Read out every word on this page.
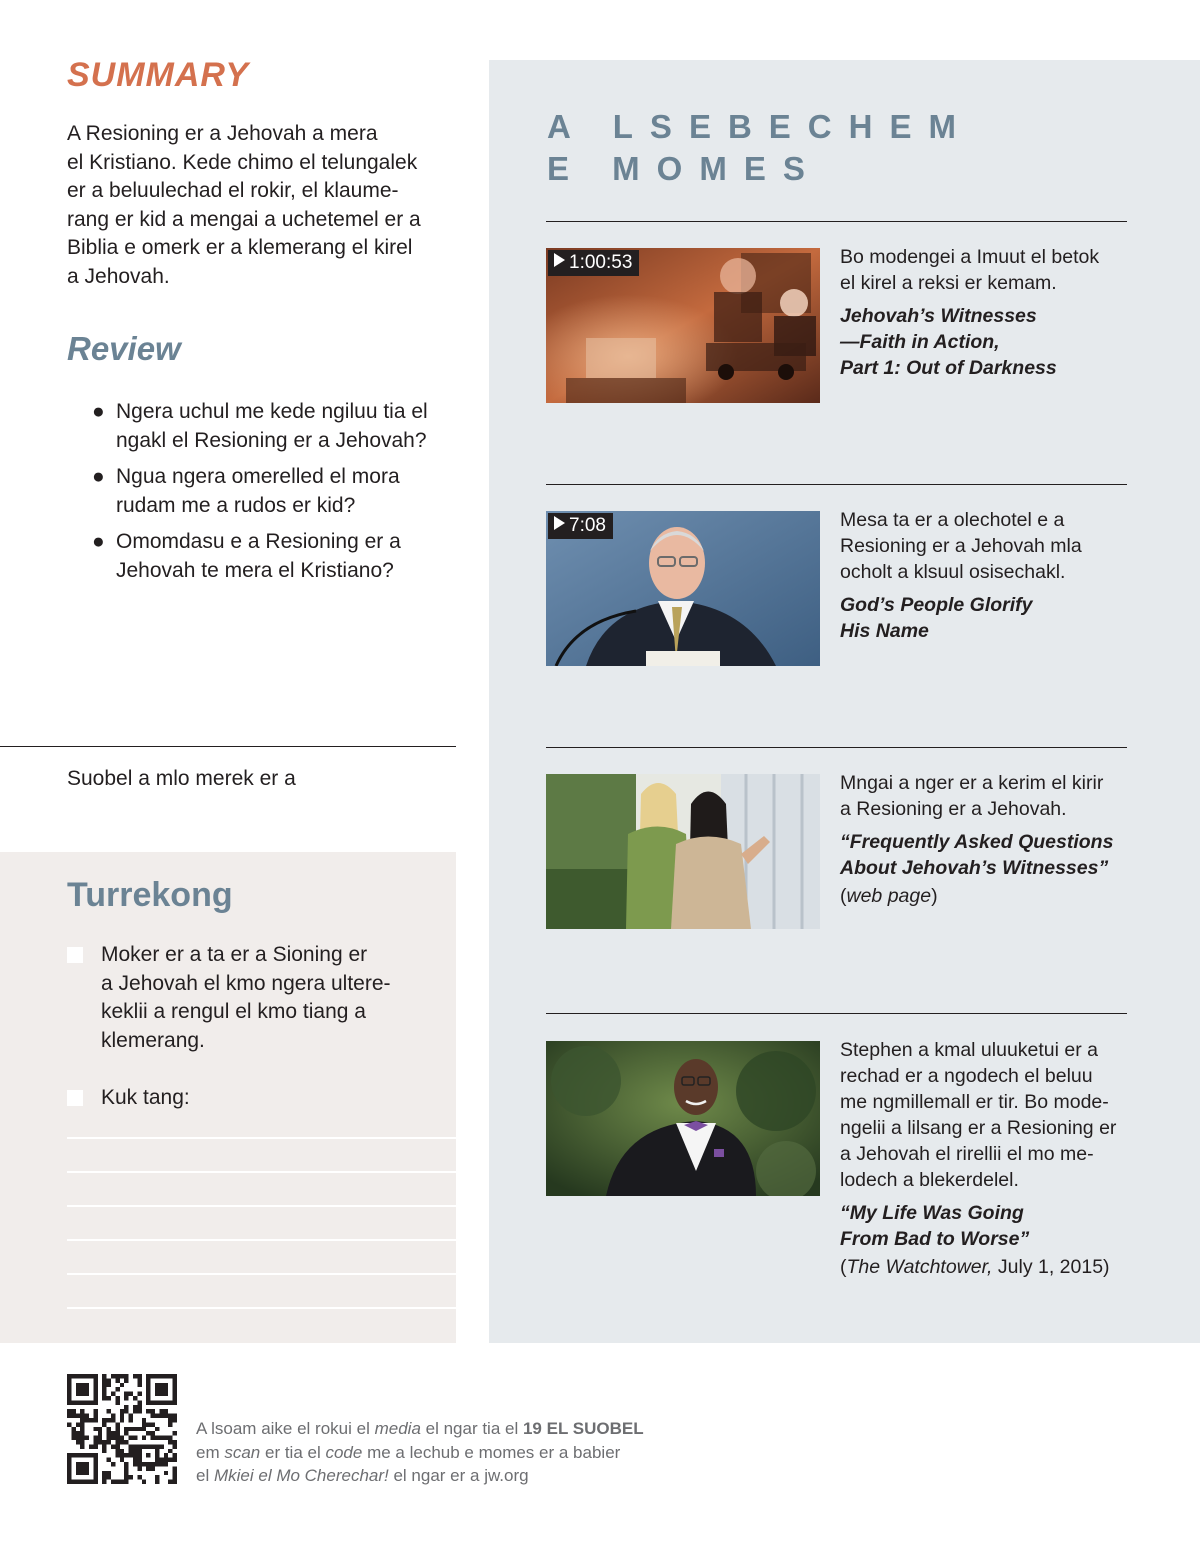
SUMMARY
A Resioning er a Jehovah a mera
el Kristiano. Kede chimo el telungalek
er a beluulechad el rokir, el klaume-
rang er kid a mengai a uchetemel er a
Biblia e omerk er a klemerang el kirel
a Jehovah.
Review
● Ngera uchul me kede ngiluu tia el
ngakl el Resioning er a Jehovah?
● Ngua ngera omerelled el mora
rudam me a rudos er kid?
● Omomdasu e a Resioning er a
Jehovah te mera el Kristiano?
Suobel a mlo merek er a
Turrekong
Moker er a ta er a Sioning er
a Jehovah el kmo ngera ultere-
keklii a rengul el kmo tiang a
klemerang.
Kuk tang:
A LSEBECHEM
E MOMES
1:00:53	Bo modengei a Imuut el betok
el kirel a reksi er kemam.
Jehovah’s Witnesses
—Faith in Action,
Part 1: Out of Darkness
7:08	Mesa ta er a olechotel e a
Resioning er a Jehovah mla
ocholt a klsuul osisechakl.
God’s People Glorify
His Name
Mngai a nger er a kerim el kirir
a Resioning er a Jehovah.
“Frequently Asked Questions
About Jehovah’s Witnesses”
(web page)
Stephen a kmal uluuketui er a
rechad er a ngodech el beluu
me ngmillemall er tir. Bo mode-
ngelii a lilsang er a Resioning er
a Jehovah el rirellii el mo me-
lodech a blekerdelel.
“My Life Was Going
From Bad to Worse”
(The Watchtower, July 1, 2015)
A lsoam aike el rokui el media el ngar tia el 19 EL SUOBEL
em scan er tia el code me a lechub e momes er a babier
el Mkiei el Mo Cherechar! el ngar er a jw.org
